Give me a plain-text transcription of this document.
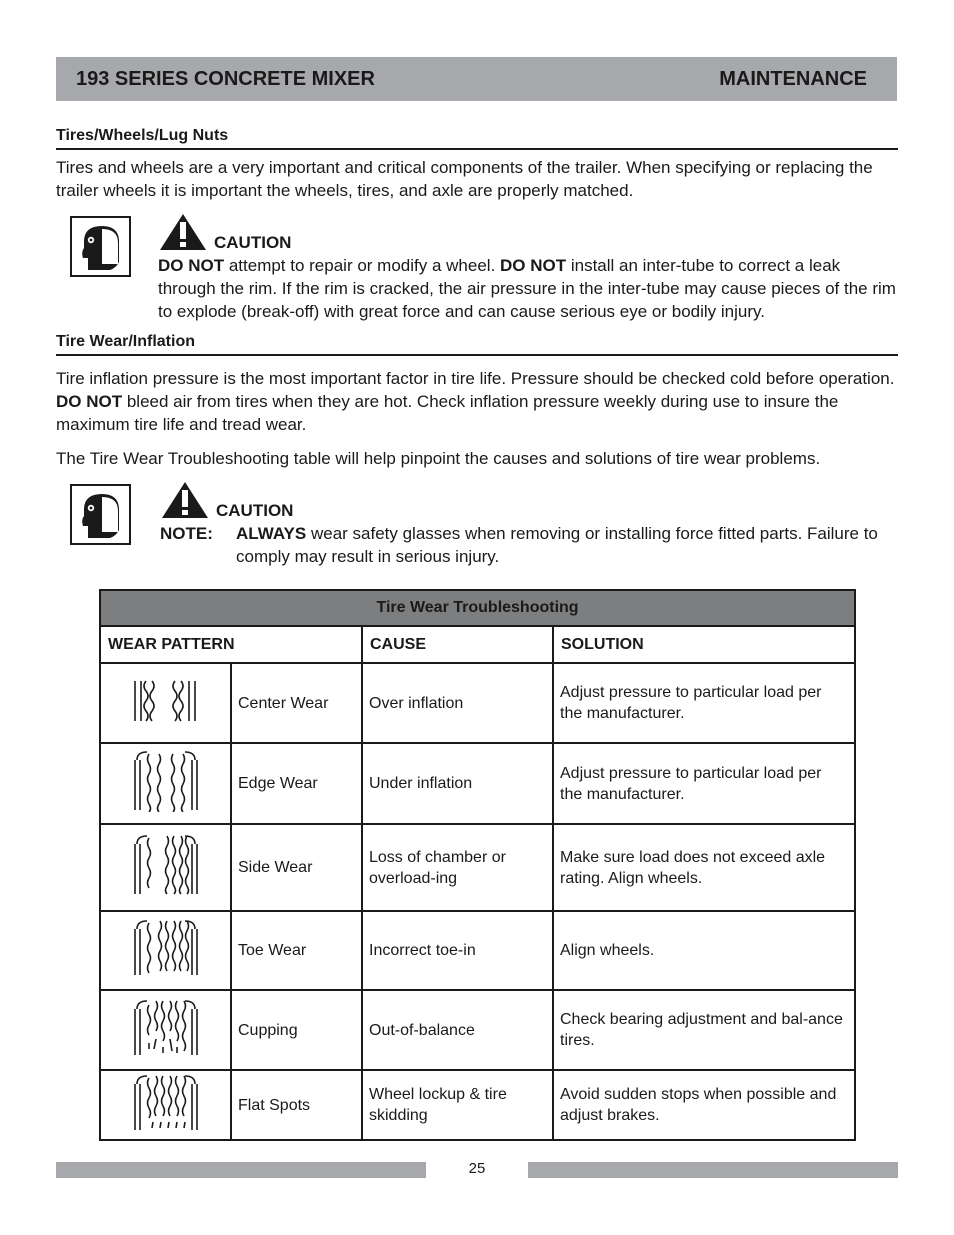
193 SERIES CONCRETE MIXER	MAINTENANCE
Tires/Wheels/Lug Nuts
Tires and wheels are a very important and critical components of the trailer. When specifying or replacing the trailer wheels it is important the wheels, tires, and axle are properly matched.
CAUTION
DO NOT attempt to repair or modify a wheel. DO NOT install an inter-tube to correct a leak through the rim. If the rim is cracked, the air pressure in the inter-tube may cause pieces of the rim to explode (break-off) with great force and can cause serious eye or bodily injury.
Tire Wear/Inflation
Tire inflation pressure is the most important factor in tire life. Pressure should be checked cold before operation. DO NOT bleed air from tires when they are hot. Check inflation pressure weekly during use to insure the maximum tire life and tread wear.
The Tire Wear Troubleshooting table will help pinpoint the causes and solutions of tire wear problems.
CAUTION
NOTE:	ALWAYS wear safety glasses when removing or installing force fitted parts. Failure to comply may result in serious injury.
Tire Wear Troubleshooting			
WEAR PATTERN		CAUSE	SOLUTION
	Center Wear	Over inflation	Adjust pressure to particular load per the manufacturer.
	Edge Wear	Under inflation	Adjust pressure to particular load per the manufacturer.
	Side Wear	Loss of chamber or overload-ing	Make sure load does not exceed axle rating. Align wheels.
	Toe Wear	Incorrect toe-in	Align wheels.
	Cupping	Out-of-balance	Check bearing adjustment and bal-ance tires.
	Flat Spots	Wheel lockup & tire skidding	Avoid sudden stops when possible and adjust brakes.
25
